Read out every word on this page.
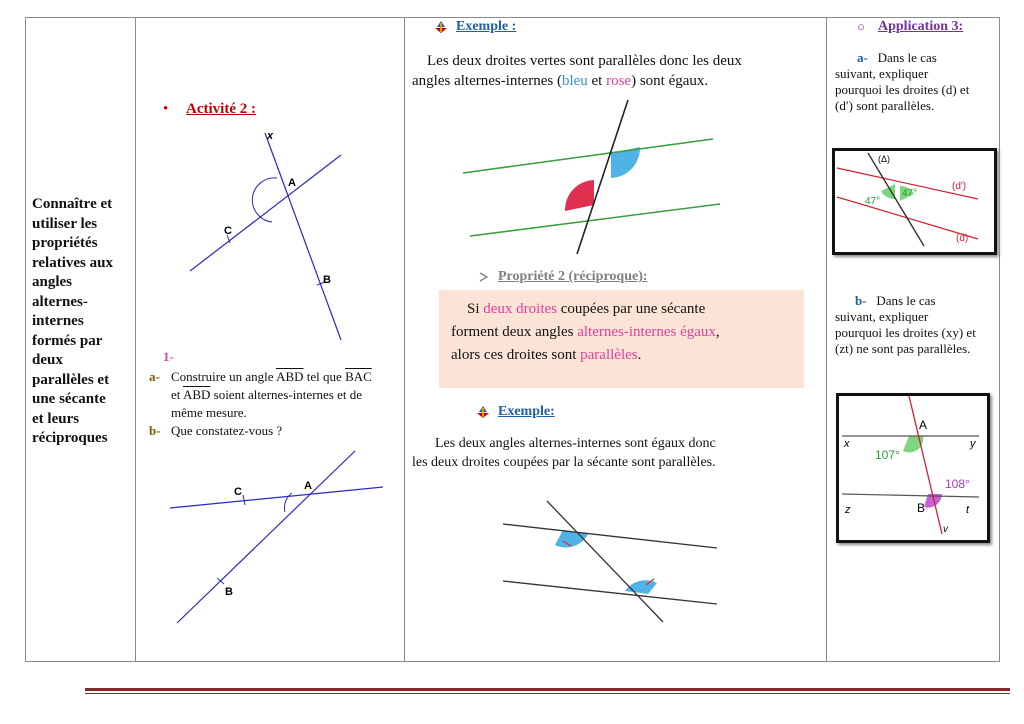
Connaître et
utiliser les
propriétés
relatives aux
angles
alternes-
internes
formés par
deux
parallèles et
une sécante
et leurs
réciproques
• Activité 2 :
x
A
C
B
1-
a- Construire un angle $\overline{ABD}$ tel que $\overline{BAC}$
et $\overline{ABD}$ soient alternes-internes et de
même mesure.
b- Que constatez-vous ?
A
C
B
Exemple :
Les deux droites vertes sont parallèles donc les deux
angles alternes-internes (bleu et rose) sont égaux.
Propriété 2 (réciproque):
Si deux droites coupées par une sécante
forment deux angles alternes-internes égaux,
alors ces droites sont parallèles.
Exemple:
Les deux angles alternes-internes sont égaux donc
les deux droites coupées par la sécante sont parallèles.
○ Application 3:
a- Dans le cas
suivant, expliquer
pourquoi les droites (d) et
(d′) sont parallèles.
(Δ)
47°
47°
(d′)
(d)
b- Dans le cas
suivant, expliquer
pourquoi les droites (xy) et
(zt) ne sont pas parallèles.
A
B
x	y
z	t
v
107°
108°
